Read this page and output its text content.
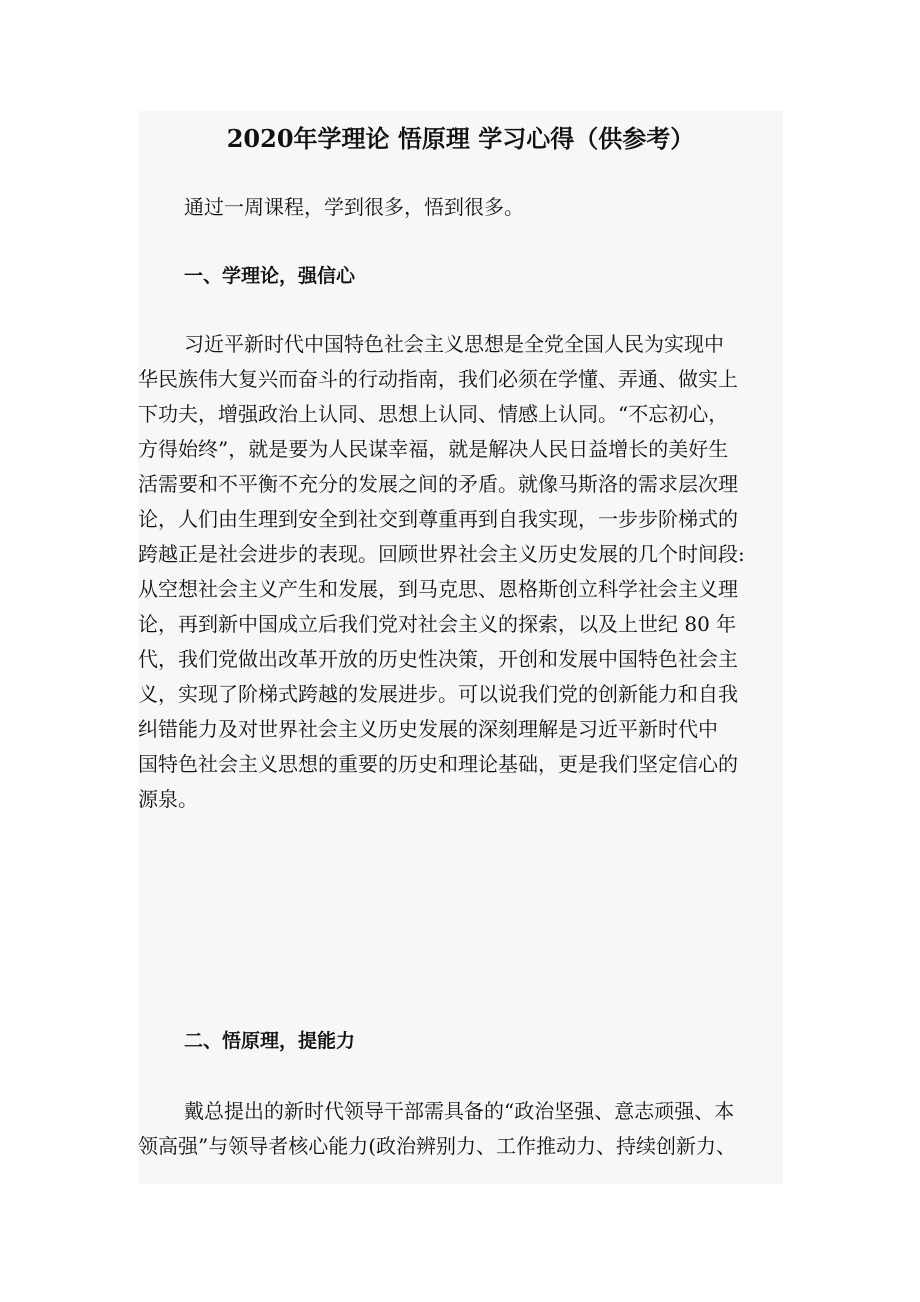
2020年学理论 悟原理 学习心得（供参考）
通过一周课程，学到很多，悟到很多。
一、学理论，强信心
习近平新时代中国特色社会主义思想是全党全国人民为实现中
华民族伟大复兴而奋斗的行动指南，我们必须在学懂、弄通、做实上
下功夫，增强政治上认同、思想上认同、情感上认同。“不忘初心，
方得始终”，就是要为人民谋幸福，就是解决人民日益增长的美好生
活需要和不平衡不充分的发展之间的矛盾。就像马斯洛的需求层次理
论，人们由生理到安全到社交到尊重再到自我实现，一步步阶梯式的
跨越正是社会进步的表现。回顾世界社会主义历史发展的几个时间段:
从空想社会主义产生和发展，到马克思、恩格斯创立科学社会主义理
论，再到新中国成立后我们党对社会主义的探索，以及上世纪 80 年
代，我们党做出改革开放的历史性决策，开创和发展中国特色社会主
义，实现了阶梯式跨越的发展进步。可以说我们党的创新能力和自我
纠错能力及对世界社会主义历史发展的深刻理解是习近平新时代中
国特色社会主义思想的重要的历史和理论基础，更是我们坚定信心的
源泉。
二、悟原理，提能力
戴总提出的新时代领导干部需具备的“政治坚强、意志顽强、本
领高强”与领导者核心能力(政治辨别力、工作推动力、持续创新力、
